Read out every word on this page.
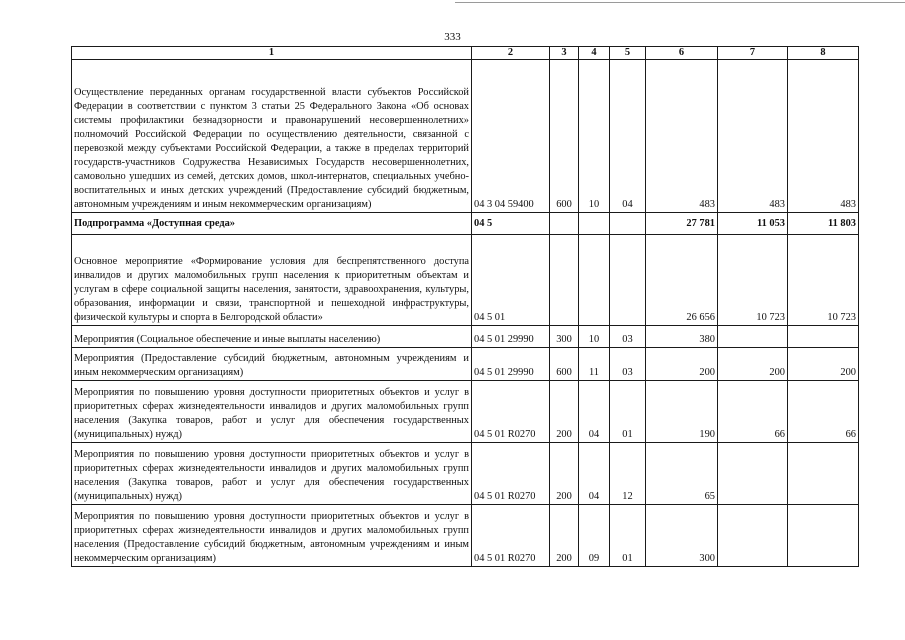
333
1	2	3	4	5	6	7	8
Осуществление переданных органам государственной власти субъектов Российской Федерации в соответствии с пунктом 3 статьи 25 Федерального Закона «Об основах системы профилактики безнадзорности и правонарушений несовершеннолетних» полномочий Российской Федерации по осуществлению деятельности, связанной с перевозкой между субъектами Российской Федерации, а также в пределах территорий государств-участников Содружества Независимых Государств несовершеннолетних, самовольно ушедших из семей, детских домов, школ-интернатов, специальных учебно-воспитательных и иных детских учреждений (Предоставление субсидий бюджетным, автономным учреждениям и иным некоммерческим организациям)	04 3 04 59400	600	10	04	483	483	483
Подпрограмма «Доступная среда»	04 5				27 781	11 053	11 803
Основное мероприятие «Формирование условия для беспрепятственного доступа инвалидов и других маломобильных групп населения к приоритетным объектам и услугам в сфере социальной защиты населения, занятости, здравоохранения, культуры, образования, информации и связи, транспортной и пешеходной инфраструктуры, физической культуры и спорта в Белгородской области»	04 5 01				26 656	10 723	10 723
Мероприятия (Социальное обеспечение и иные выплаты населению)	04 5 01 29990	300	10	03	380		
Мероприятия (Предоставление субсидий бюджетным, автономным учреждениям и иным некоммерческим организациям)	04 5 01 29990	600	11	03	200	200	200
Мероприятия по повышению уровня доступности приоритетных объектов и услуг в приоритетных сферах жизнедеятельности инвалидов и других маломобильных групп населения (Закупка товаров, работ и услуг для обеспечения государственных (муниципальных) нужд)	04 5 01 R0270	200	04	01	190	66	66
Мероприятия по повышению уровня доступности приоритетных объектов и услуг в приоритетных сферах жизнедеятельности инвалидов и других маломобильных групп населения (Закупка товаров, работ и услуг для обеспечения государственных (муниципальных) нужд)	04 5 01 R0270	200	04	12	65		
Мероприятия по повышению уровня доступности приоритетных объектов и услуг в приоритетных сферах жизнедеятельности инвалидов и других маломобильных групп населения (Предоставление субсидий бюджетным, автономным учреждениям и иным некоммерческим организациям)	04 5 01 R0270	200	09	01	300		
